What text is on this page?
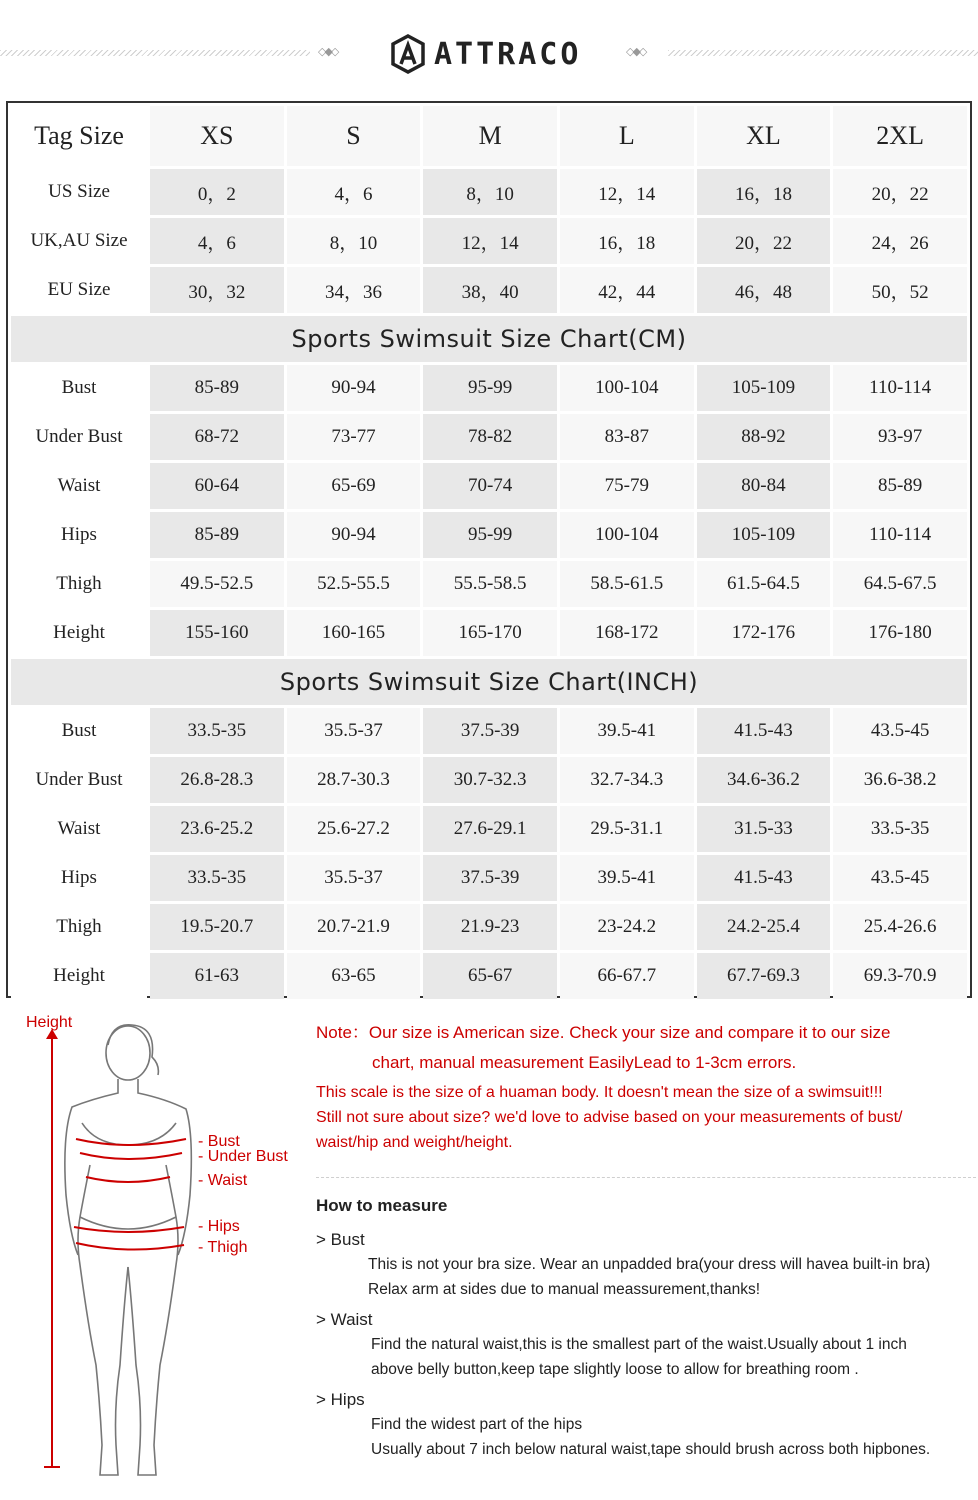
◇◆◇	ATTRACO	◇◆◇
Tag Size	XS	S	M	L	XL	2XL
US Size	0，2	4，6	8，10	12，14	16，18	20，22
UK,AU Size	4，6	8，10	12，14	16，18	20，22	24，26
EU Size	30，32	34，36	38，40	42，44	46，48	50，52
Sports Swimsuit Size Chart(CM)						
Bust	85-89	90-94	95-99	100-104	105-109	110-114
Under Bust	68-72	73-77	78-82	83-87	88-92	93-97
Waist	60-64	65-69	70-74	75-79	80-84	85-89
Hips	85-89	90-94	95-99	100-104	105-109	110-114
Thigh	49.5-52.5	52.5-55.5	55.5-58.5	58.5-61.5	61.5-64.5	64.5-67.5
Height	155-160	160-165	165-170	168-172	172-176	176-180
Sports Swimsuit Size Chart(INCH)						
Bust	33.5-35	35.5-37	37.5-39	39.5-41	41.5-43	43.5-45
Under Bust	26.8-28.3	28.7-30.3	30.7-32.3	32.7-34.3	34.6-36.2	36.6-38.2
Waist	23.6-25.2	25.6-27.2	27.6-29.1	29.5-31.1	31.5-33	33.5-35
Hips	33.5-35	35.5-37	37.5-39	39.5-41	41.5-43	43.5-45
Thigh	19.5-20.7	20.7-21.9	21.9-23	23-24.2	24.2-25.4	25.4-26.6
Height	61-63	63-65	65-67	66-67.7	67.7-69.3	69.3-70.9
Height
- Bust
- Under Bust
- Waist
- Hips
- Thigh
Note：Our size is American size. Check your size and compare it to our size
chart, manual measurement EasilyLead to 1-3cm errors.
This scale is the size of a huaman body. It doesn't mean the size of a swimsuit!!!
Still not sure about size? we'd love to advise based on your measurements of bust/
waist/hip and weight/height.
How to measure
> Bust
This is not your bra size. Wear an unpadded bra(your dress will havea built-in bra)
Relax arm at sides due to manual meassurement,thanks!
> Waist
Find the natural waist,this is the smallest part of the waist.Usually about 1 inch
above belly button,keep tape slightly loose to allow for breathing room .
> Hips
Find the widest part of the hips
Usually about 7 inch below natural waist,tape should brush across both hipbones.
